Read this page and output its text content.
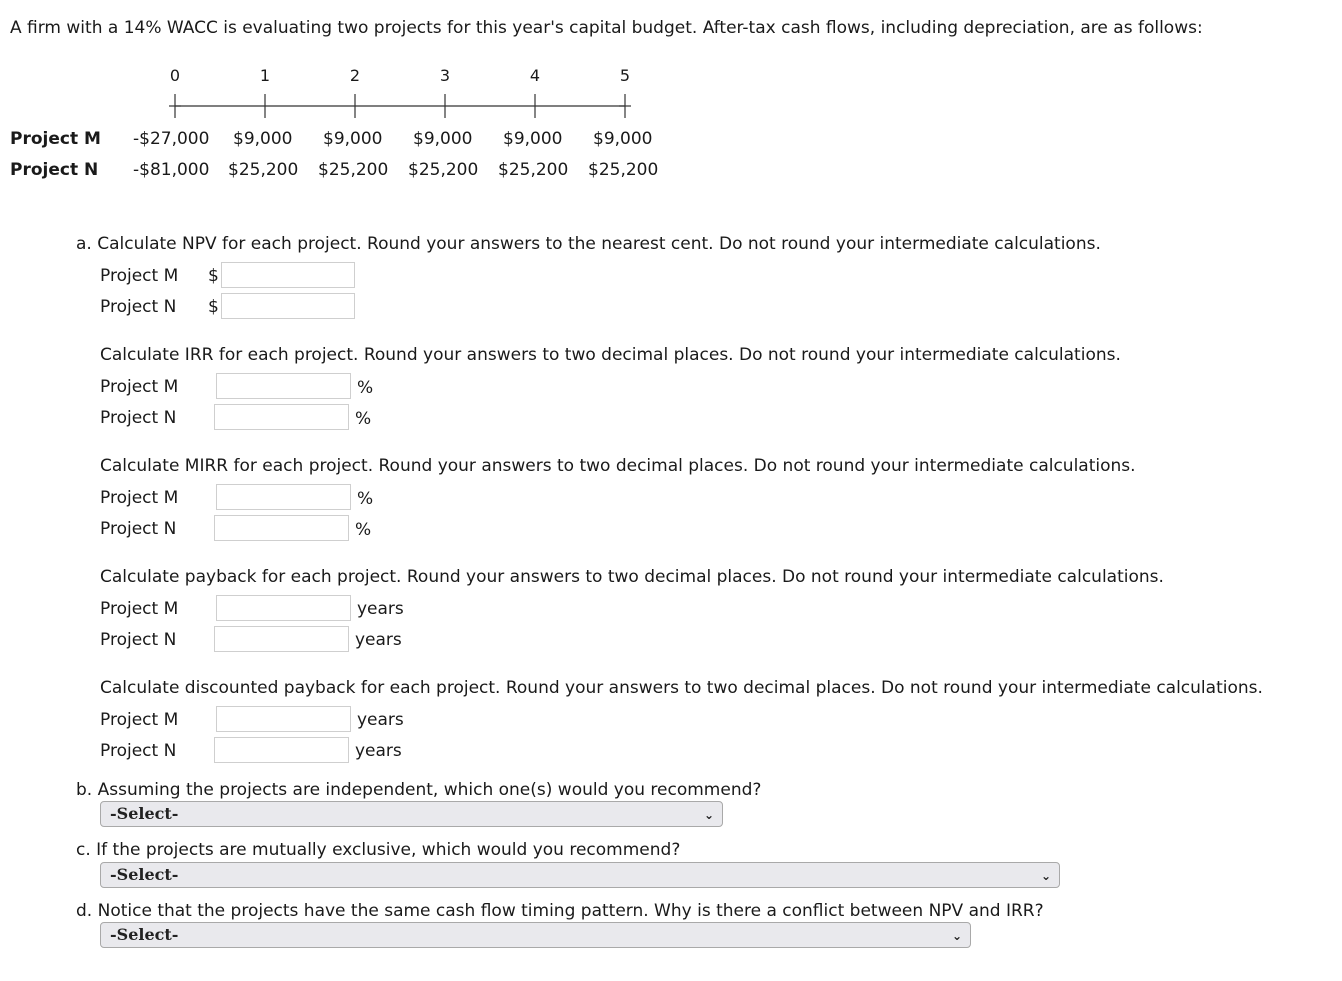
A firm with a 14% WACC is evaluating two projects for this year's capital budget. After-tax cash flows, including depreciation, are as follows:
0	1	2	3	4	5
Project M -$27,000 $9,000 $9,000 $9,000 $9,000 $9,000
Project N -$81,000 $25,200 $25,200 $25,200 $25,200 $25,200
a. Calculate NPV for each project. Round your answers to the nearest cent. Do not round your intermediate calculations.
Project M $
Project N $
Calculate IRR for each project. Round your answers to two decimal places. Do not round your intermediate calculations.
Project M	%
Project N	%
Calculate MIRR for each project. Round your answers to two decimal places. Do not round your intermediate calculations.
Project M	%
Project N	%
Calculate payback for each project. Round your answers to two decimal places. Do not round your intermediate calculations.
Project M	years
Project N	years
Calculate discounted payback for each project. Round your answers to two decimal places. Do not round your intermediate calculations.
Project M	years
Project N	years
b. Assuming the projects are independent, which one(s) would you recommend?
-Select-	⌄
c. If the projects are mutually exclusive, which would you recommend?
-Select-	⌄
d. Notice that the projects have the same cash flow timing pattern. Why is there a conflict between NPV and IRR?
-Select-	⌄
